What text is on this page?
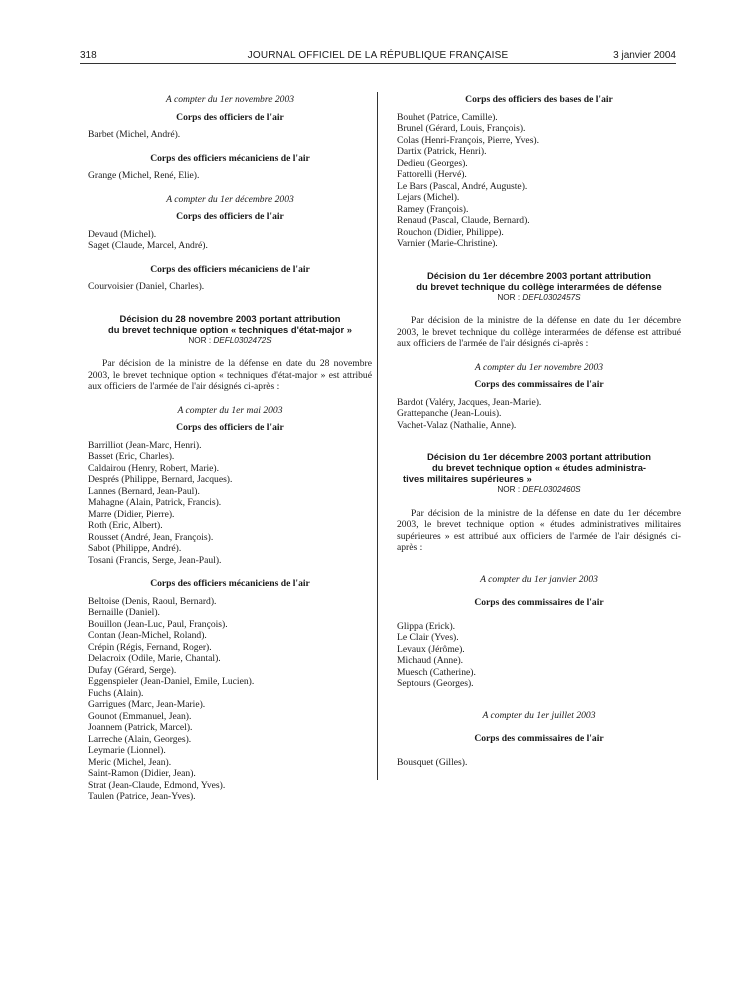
318	JOURNAL OFFICIEL DE LA RÉPUBLIQUE FRANÇAISE	3 janvier 2004

A compter du 1er novembre 2003

Corps des officiers de l'air

Barbet (Michel, André).

Corps des officiers mécaniciens de l'air

Grange (Michel, René, Elie).

A compter du 1er décembre 2003

Corps des officiers de l'air

Devaud (Michel).
Saget (Claude, Marcel, André).

Corps des officiers mécaniciens de l'air

Courvoisier (Daniel, Charles).

Décision du 28 novembre 2003 portant attribution

du brevet technique option « techniques d'état-major »

NOR : DEFL0302472S

Par décision de la ministre de la défense en date du 28 novembre 2003, le brevet technique option « techniques d'état-major » est attribué aux officiers de l'armée de l'air désignés ci-après :

A compter du 1er mai 2003

Corps des officiers de l'air

Barrilliot (Jean-Marc, Henri).
Basset (Eric, Charles).
Caldairou (Henry, Robert, Marie).
Després (Philippe, Bernard, Jacques).
Lannes (Bernard, Jean-Paul).
Mahagne (Alain, Patrick, Francis).
Marre (Didier, Pierre).
Roth (Eric, Albert).
Rousset (André, Jean, François).
Sabot (Philippe, André).
Tosani (Francis, Serge, Jean-Paul).

Corps des officiers mécaniciens de l'air

Beltoise (Denis, Raoul, Bernard).
Bernaille (Daniel).
Bouillon (Jean-Luc, Paul, François).
Contan (Jean-Michel, Roland).
Crépin (Régis, Fernand, Roger).
Delacroix (Odile, Marie, Chantal).
Dufay (Gérard, Serge).
Eggenspieler (Jean-Daniel, Emile, Lucien).
Fuchs (Alain).
Garrigues (Marc, Jean-Marie).
Gounot (Emmanuel, Jean).
Joannem (Patrick, Marcel).
Larreche (Alain, Georges).
Leymarie (Lionnel).
Meric (Michel, Jean).
Saint-Ramon (Didier, Jean).
Strat (Jean-Claude, Edmond, Yves).
Taulen (Patrice, Jean-Yves).

Corps des officiers des bases de l'air

Bouhet (Patrice, Camille).
Brunel (Gérard, Louis, François).
Colas (Henri-François, Pierre, Yves).
Dartix (Patrick, Henri).
Dedieu (Georges).
Fattorelli (Hervé).
Le Bars (Pascal, André, Auguste).
Lejars (Michel).
Ramey (François).
Renaud (Pascal, Claude, Bernard).
Rouchon (Didier, Philippe).
Varnier (Marie-Christine).

Décision du 1er décembre 2003 portant attribution

du brevet technique du collège interarmées de défense

NOR : DEFL0302457S

Par décision de la ministre de la défense en date du 1er décembre 2003, le brevet technique du collège interarmées de défense est attribué aux officiers de l'armée de l'air désignés ci-après :

A compter du 1er novembre 2003

Corps des commissaires de l'air

Bardot (Valéry, Jacques, Jean-Marie).
Grattepanche (Jean-Louis).
Vachet-Valaz (Nathalie, Anne).

Décision du 1er décembre 2003 portant attribution

du brevet technique option « études administra-

tives militaires supérieures »

NOR : DEFL0302460S

Par décision de la ministre de la défense en date du 1er décembre 2003, le brevet technique option « études administratives militaires supérieures » est attribué aux officiers de l'armée de l'air désignés ci-après :

A compter du 1er janvier 2003

Corps des commissaires de l'air

Glippa (Erick).
Le Clair (Yves).
Levaux (Jérôme).
Michaud (Anne).
Muesch (Catherine).
Septours (Georges).

A compter du 1er juillet 2003

Corps des commissaires de l'air

Bousquet (Gilles).
